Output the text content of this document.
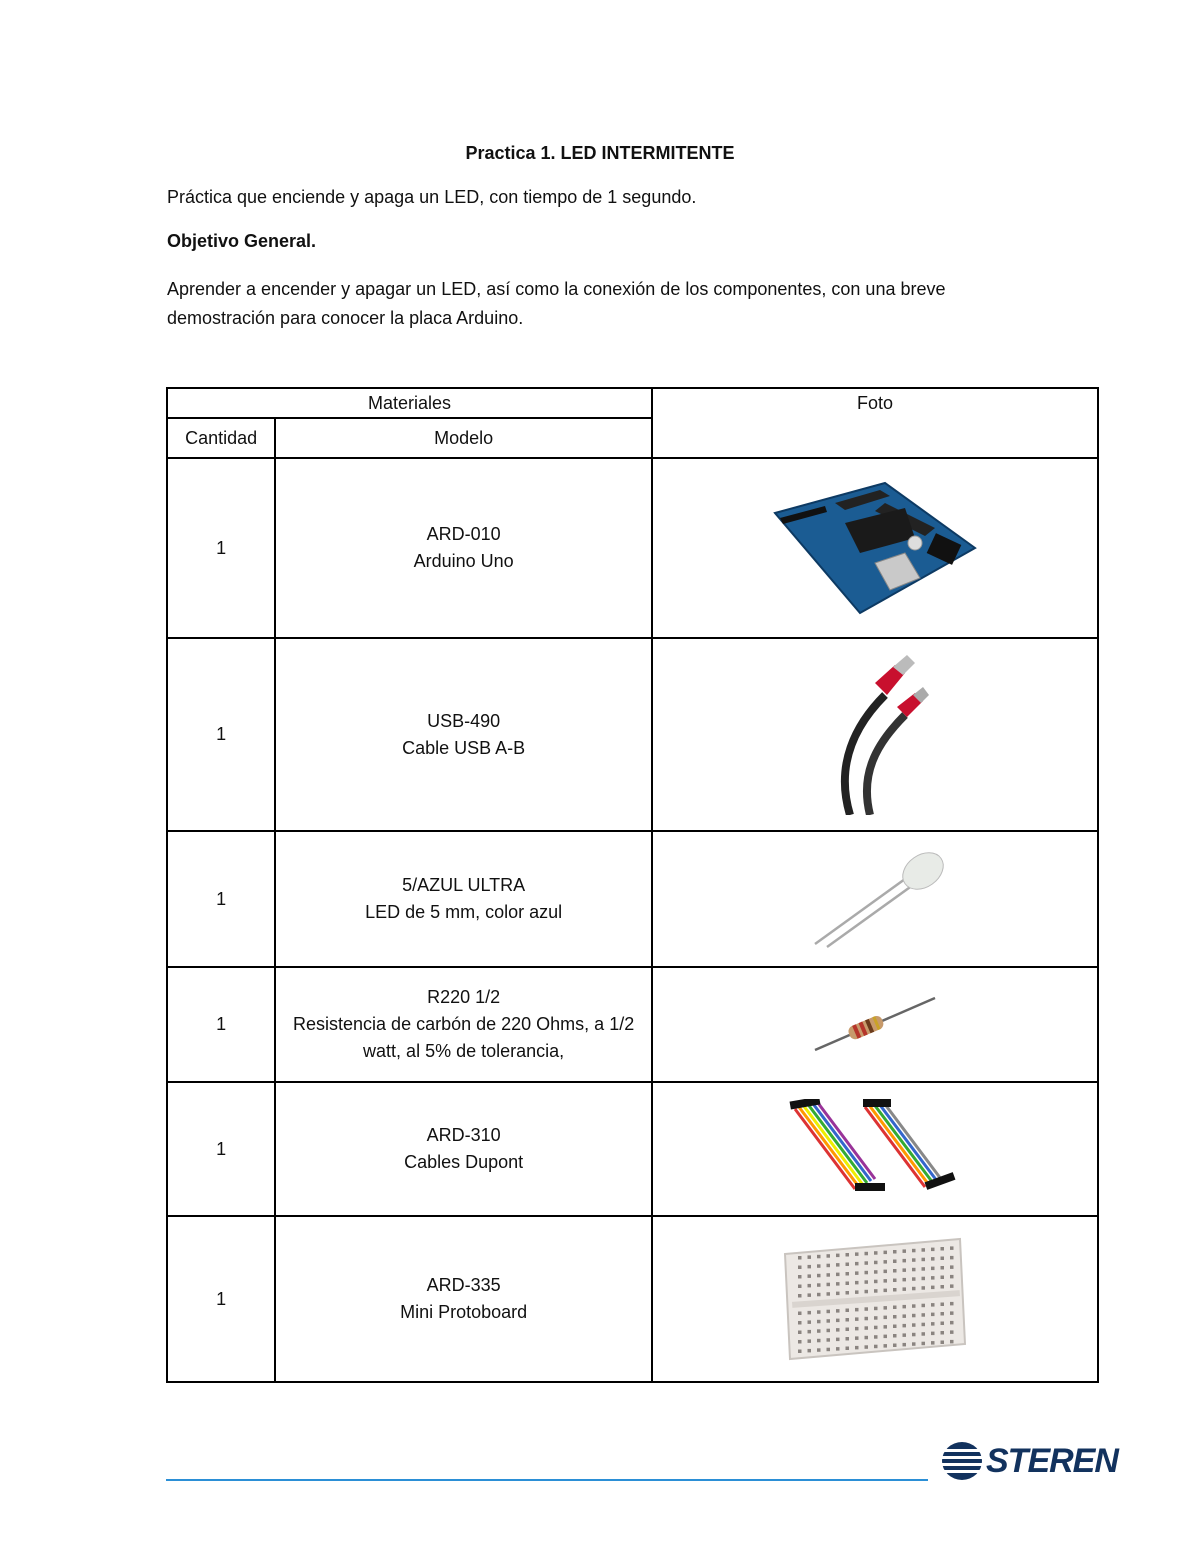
Practica 1. LED INTERMITENTE
Práctica que enciende y apaga un LED, con tiempo de 1 segundo.
Objetivo General.
Aprender a encender y apagar un LED, así como la conexión de los componentes, con una breve demostración para conocer la placa Arduino.
Materiales		Foto
Cantidad	Modelo	
1	ARD-010
Arduino Uno

1	USB-490
Cable USB A-B

1	5/AZUL ULTRA
LED de 5 mm, color azul

1	R220 1/2
Resistencia de carbón de 220 Ohms, a 1/2 watt, al 5% de tolerancia,

1	ARD-310
Cables Dupont

1	ARD-335
Mini Protoboard

STEREN
